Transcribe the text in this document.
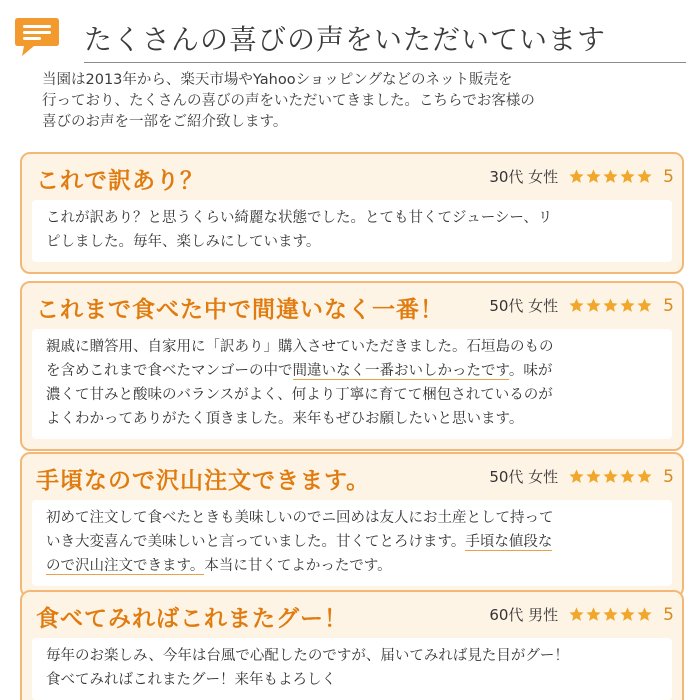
たくさんの喜びの声をいただいています

当園は2013年から、楽天市場やYahooショッピングなどのネット販売を

行っており、たくさんの喜びの声をいただいてきました。こちらでお客様の

喜びのお声を一部をご紹介致します。

これで訳あり？	30代 女性	5

これが訳あり？と思うくらい綺麗な状態でした。とても甘くてジューシー、リ

ピしました。毎年、楽しみにしています。

これまで食べた中で間違いなく一番！	50代 女性	5

親戚に贈答用、自家用に「訳あり」購入させていただきました。石垣島のもの

を含めこれまで食べたマンゴーの中で間違いなく一番おいしかったです。味が

濃くて甘みと酸味のバランスがよく、何より丁寧に育てて梱包されているのが

よくわかってありがたく頂きました。来年もぜひお願したいと思います。

手頃なので沢山注文できます。	50代 女性	5

初めて注文して食べたときも美味しいのでニ回めは友人にお土産として持って

いき大変喜んで美味しいと言っていました。甘くてとろけます。手頃な値段な

ので沢山注文できます。本当に甘くてよかったです。

食べてみればこれまたグー！	60代 男性	5

毎年のお楽しみ、今年は台風で心配したのですが、届いてみれば見た目がグー！

食べてみればこれまたグー！来年もよろしく
